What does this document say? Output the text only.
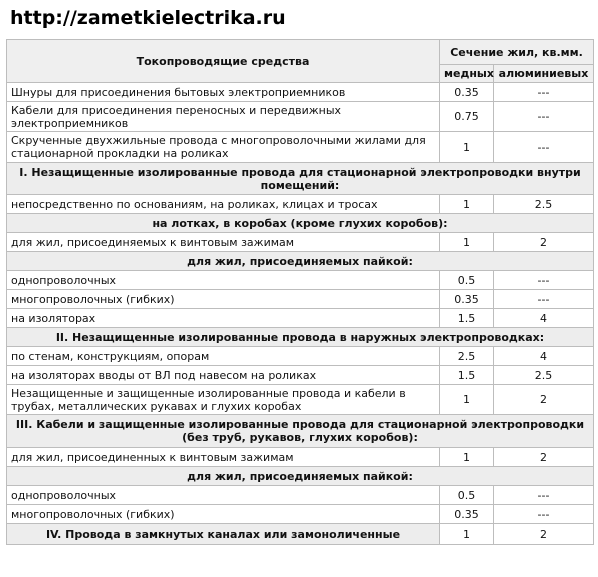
http://zametkielectrika.ru
Токопроводящие средства	Сечение жил, кв.мм.	
	медных	алюминиевых
Шнуры для присоединения бытовых электроприемников	0.35	---
Кабели для присоединения переносных и передвижных электроприемников	0.75	---
Скрученные двухжильные провода с многопроволочными жилами для стационарной прокладки на роликах	1	---
I. Незащищенные изолированные провода для стационарной электропроводки внутри помещений:		
непосредственно по основаниям, на роликах, клицах и тросах	1	2.5
на лотках, в коробах (кроме глухих коробов):		
для жил, присоединяемых к винтовым зажимам	1	2
для жил, присоединяемых пайкой:		
однопроволочных	0.5	---
многопроволочных (гибких)	0.35	---
на изоляторах	1.5	4
II. Незащищенные изолированные провода в наружных электропроводках:		
по стенам, конструкциям, опорам	2.5	4
на изоляторах вводы от ВЛ под навесом на роликах	1.5	2.5
Незащищенные и защищенные изолированные провода и кабели в трубах, металлических рукавах и глухих коробах	1	2
III. Кабели и защищенные изолированные провода для стационарной электропроводки (без труб, рукавов, глухих коробов):		
для жил, присоединенных к винтовым зажимам	1	2
для жил, присоединяемых пайкой:		
однопроволочных	0.5	---
многопроволочных (гибких)	0.35	---
IV. Провода в замкнутых каналах или замоноличенные	1	2
